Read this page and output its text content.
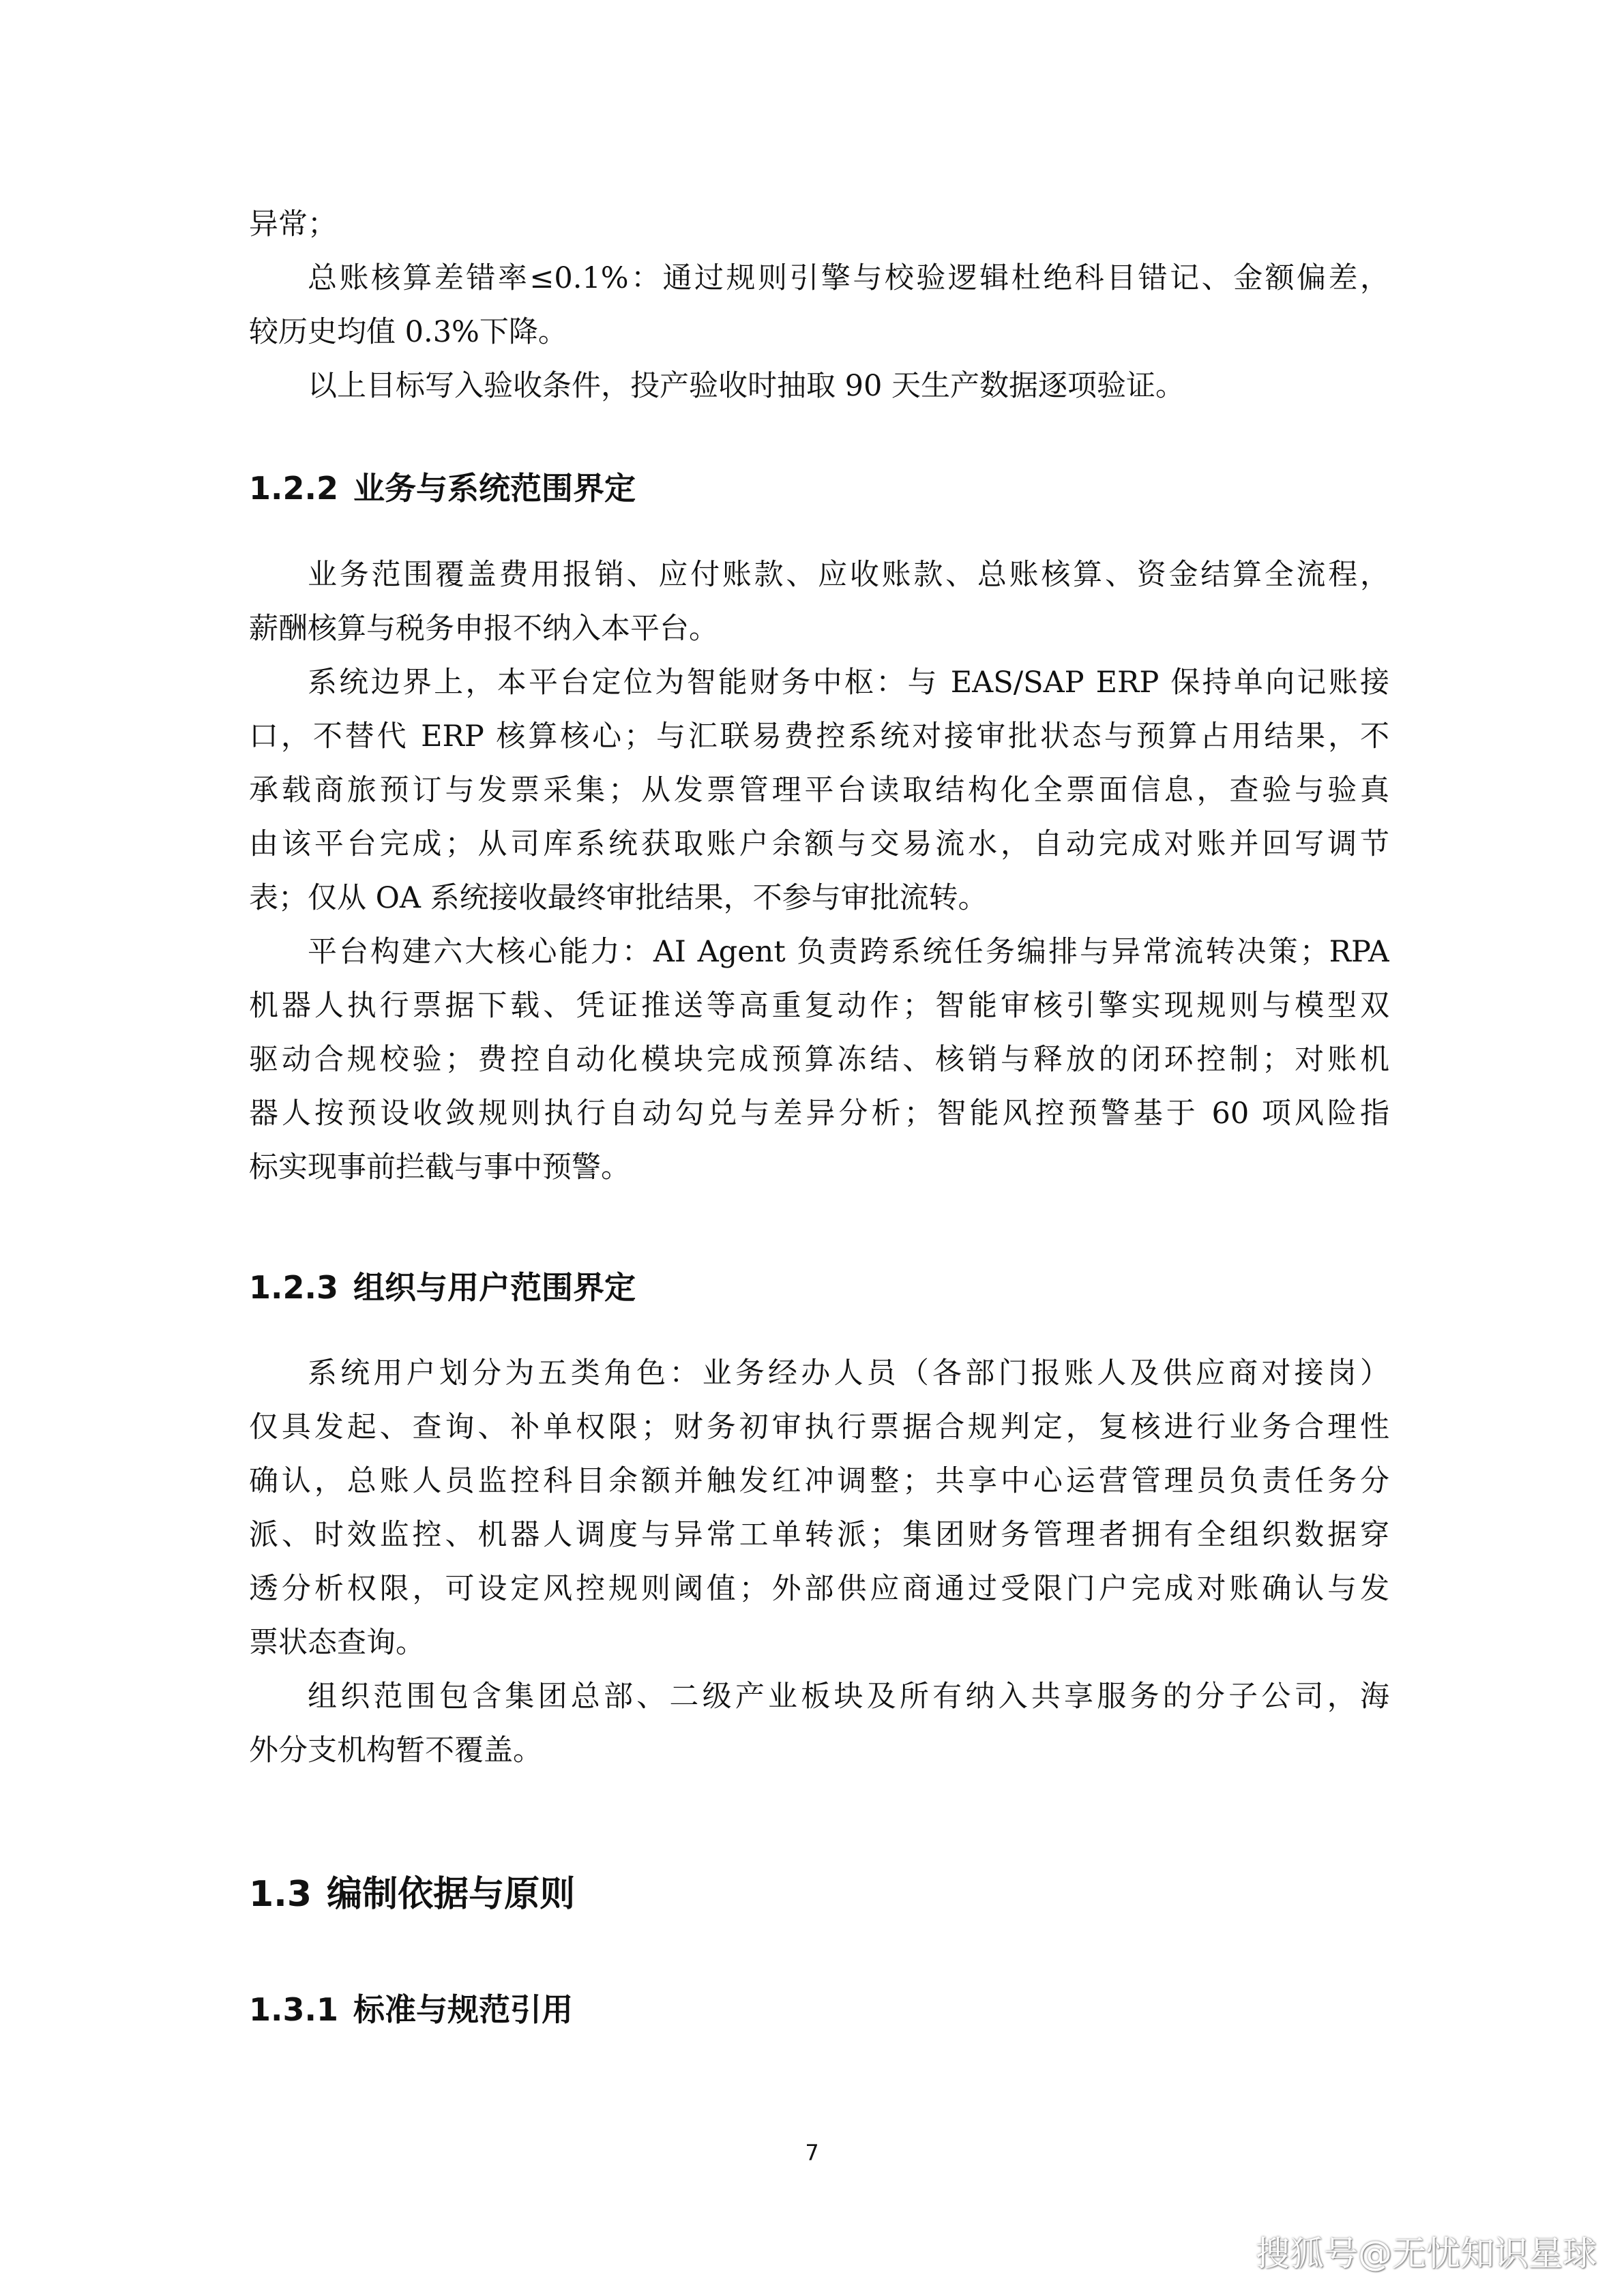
异常；
总账核算差错率≤0.1%：通过规则引擎与校验逻辑杜绝科目错记、金额偏差，
较历史均值 0.3%下降。
以上目标写入验收条件，投产验收时抽取 90 天生产数据逐项验证。
1.2.2 业务与系统范围界定
业务范围覆盖费用报销、应付账款、应收账款、总账核算、资金结算全流程，
薪酬核算与税务申报不纳入本平台。
系统边界上，本平台定位为智能财务中枢：与 EAS/SAP ERP 保持单向记账接
口，不替代 ERP 核算核心；与汇联易费控系统对接审批状态与预算占用结果，不
承载商旅预订与发票采集；从发票管理平台读取结构化全票面信息，查验与验真
由该平台完成；从司库系统获取账户余额与交易流水，自动完成对账并回写调节
表；仅从 OA 系统接收最终审批结果，不参与审批流转。
平台构建六大核心能力：AI Agent 负责跨系统任务编排与异常流转决策；RPA
机器人执行票据下载、凭证推送等高重复动作；智能审核引擎实现规则与模型双
驱动合规校验；费控自动化模块完成预算冻结、核销与释放的闭环控制；对账机
器人按预设收敛规则执行自动勾兑与差异分析；智能风控预警基于 60 项风险指
标实现事前拦截与事中预警。
1.2.3 组织与用户范围界定
系统用户划分为五类角色：业务经办人员（各部门报账人及供应商对接岗）
仅具发起、查询、补单权限；财务初审执行票据合规判定，复核进行业务合理性
确认，总账人员监控科目余额并触发红冲调整；共享中心运营管理员负责任务分
派、时效监控、机器人调度与异常工单转派；集团财务管理者拥有全组织数据穿
透分析权限，可设定风控规则阈值；外部供应商通过受限门户完成对账确认与发
票状态查询。
组织范围包含集团总部、二级产业板块及所有纳入共享服务的分子公司，海
外分支机构暂不覆盖。
1.3 编制依据与原则
1.3.1 标准与规范引用
7
搜狐号@无忧知识星球
